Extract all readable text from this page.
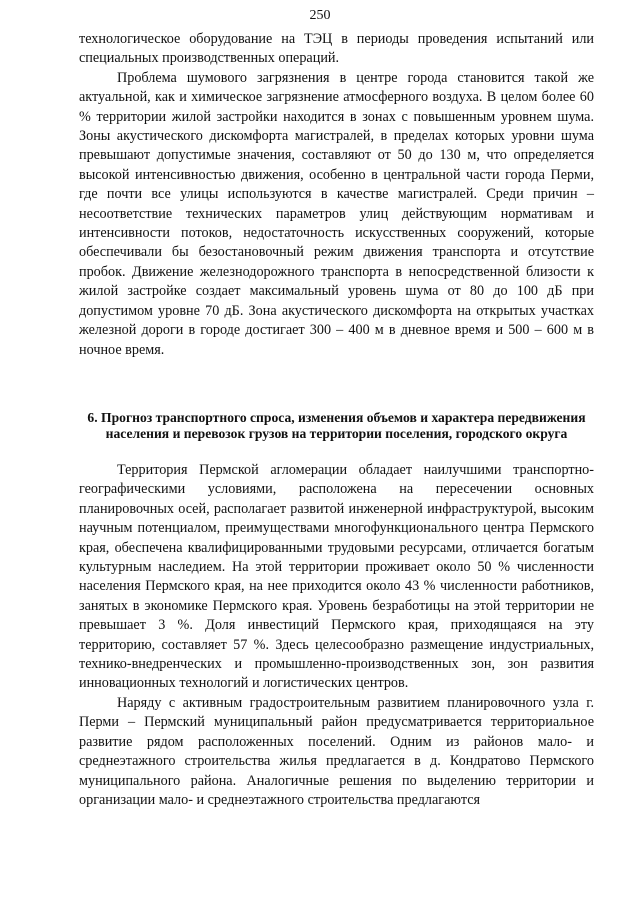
250

технологическое оборудование на ТЭЦ в периоды проведения испытаний или специальных производственных операций.

Проблема шумового загрязнения в центре города становится такой же актуальной, как и химическое загрязнение атмосферного воздуха. В целом более 60 % территории жилой застройки находится в зонах с повышенным уровнем шума. Зоны акустического дискомфорта магистралей, в пределах которых уровни шума превышают допустимые значения, составляют от 50 до 130 м, что определяется высокой интенсивностью движения, особенно в центральной части города Перми, где почти все улицы используются в качестве магистралей. Среди причин – несоответствие технических параметров улиц действующим нормативам и интенсивности потоков, недостаточность искусственных сооружений, которые обеспечивали бы безостановочный режим движения транспорта и отсутствие пробок. Движение железнодорожного транспорта в непосредственной близости к жилой застройке создает максимальный уровень шума от 80 до 100 дБ при допустимом уровне 70 дБ. Зона акустического дискомфорта на открытых участках железной дороги в городе достигает 300 – 400 м в дневное время и 500 – 600 м в ночное время.

6. Прогноз транспортного спроса, изменения объемов и характера передвижения населения и перевозок грузов на территории поселения, городского округа

Территория Пермской агломерации обладает наилучшими транспортно-географическими условиями, расположена на пересечении основных планировочных осей, располагает развитой инженерной инфраструктурой, высоким научным потенциалом, преимуществами многофункционального центра Пермского края, обеспечена квалифицированными трудовыми ресурсами, отличается богатым культурным наследием. На этой территории проживает около 50 % численности населения Пермского края, на нее приходится около 43 % численности работников, занятых в экономике Пермского края. Уровень безработицы на этой территории не превышает 3 %. Доля инвестиций Пермского края, приходящаяся на эту территорию, составляет 57 %. Здесь целесообразно размещение индустриальных, технико-внедренческих и промышленно-производственных зон, зон развития инновационных технологий и логистических центров.

Наряду с активным градостроительным развитием планировочного узла г. Перми – Пермский муниципальный район предусматривается территориальное развитие рядом расположенных поселений. Одним из районов мало- и среднеэтажного строительства жилья предлагается в д. Кондратово Пермского муниципального района. Аналогичные решения по выделению территории и организации мало- и среднеэтажного строительства предлагаются
